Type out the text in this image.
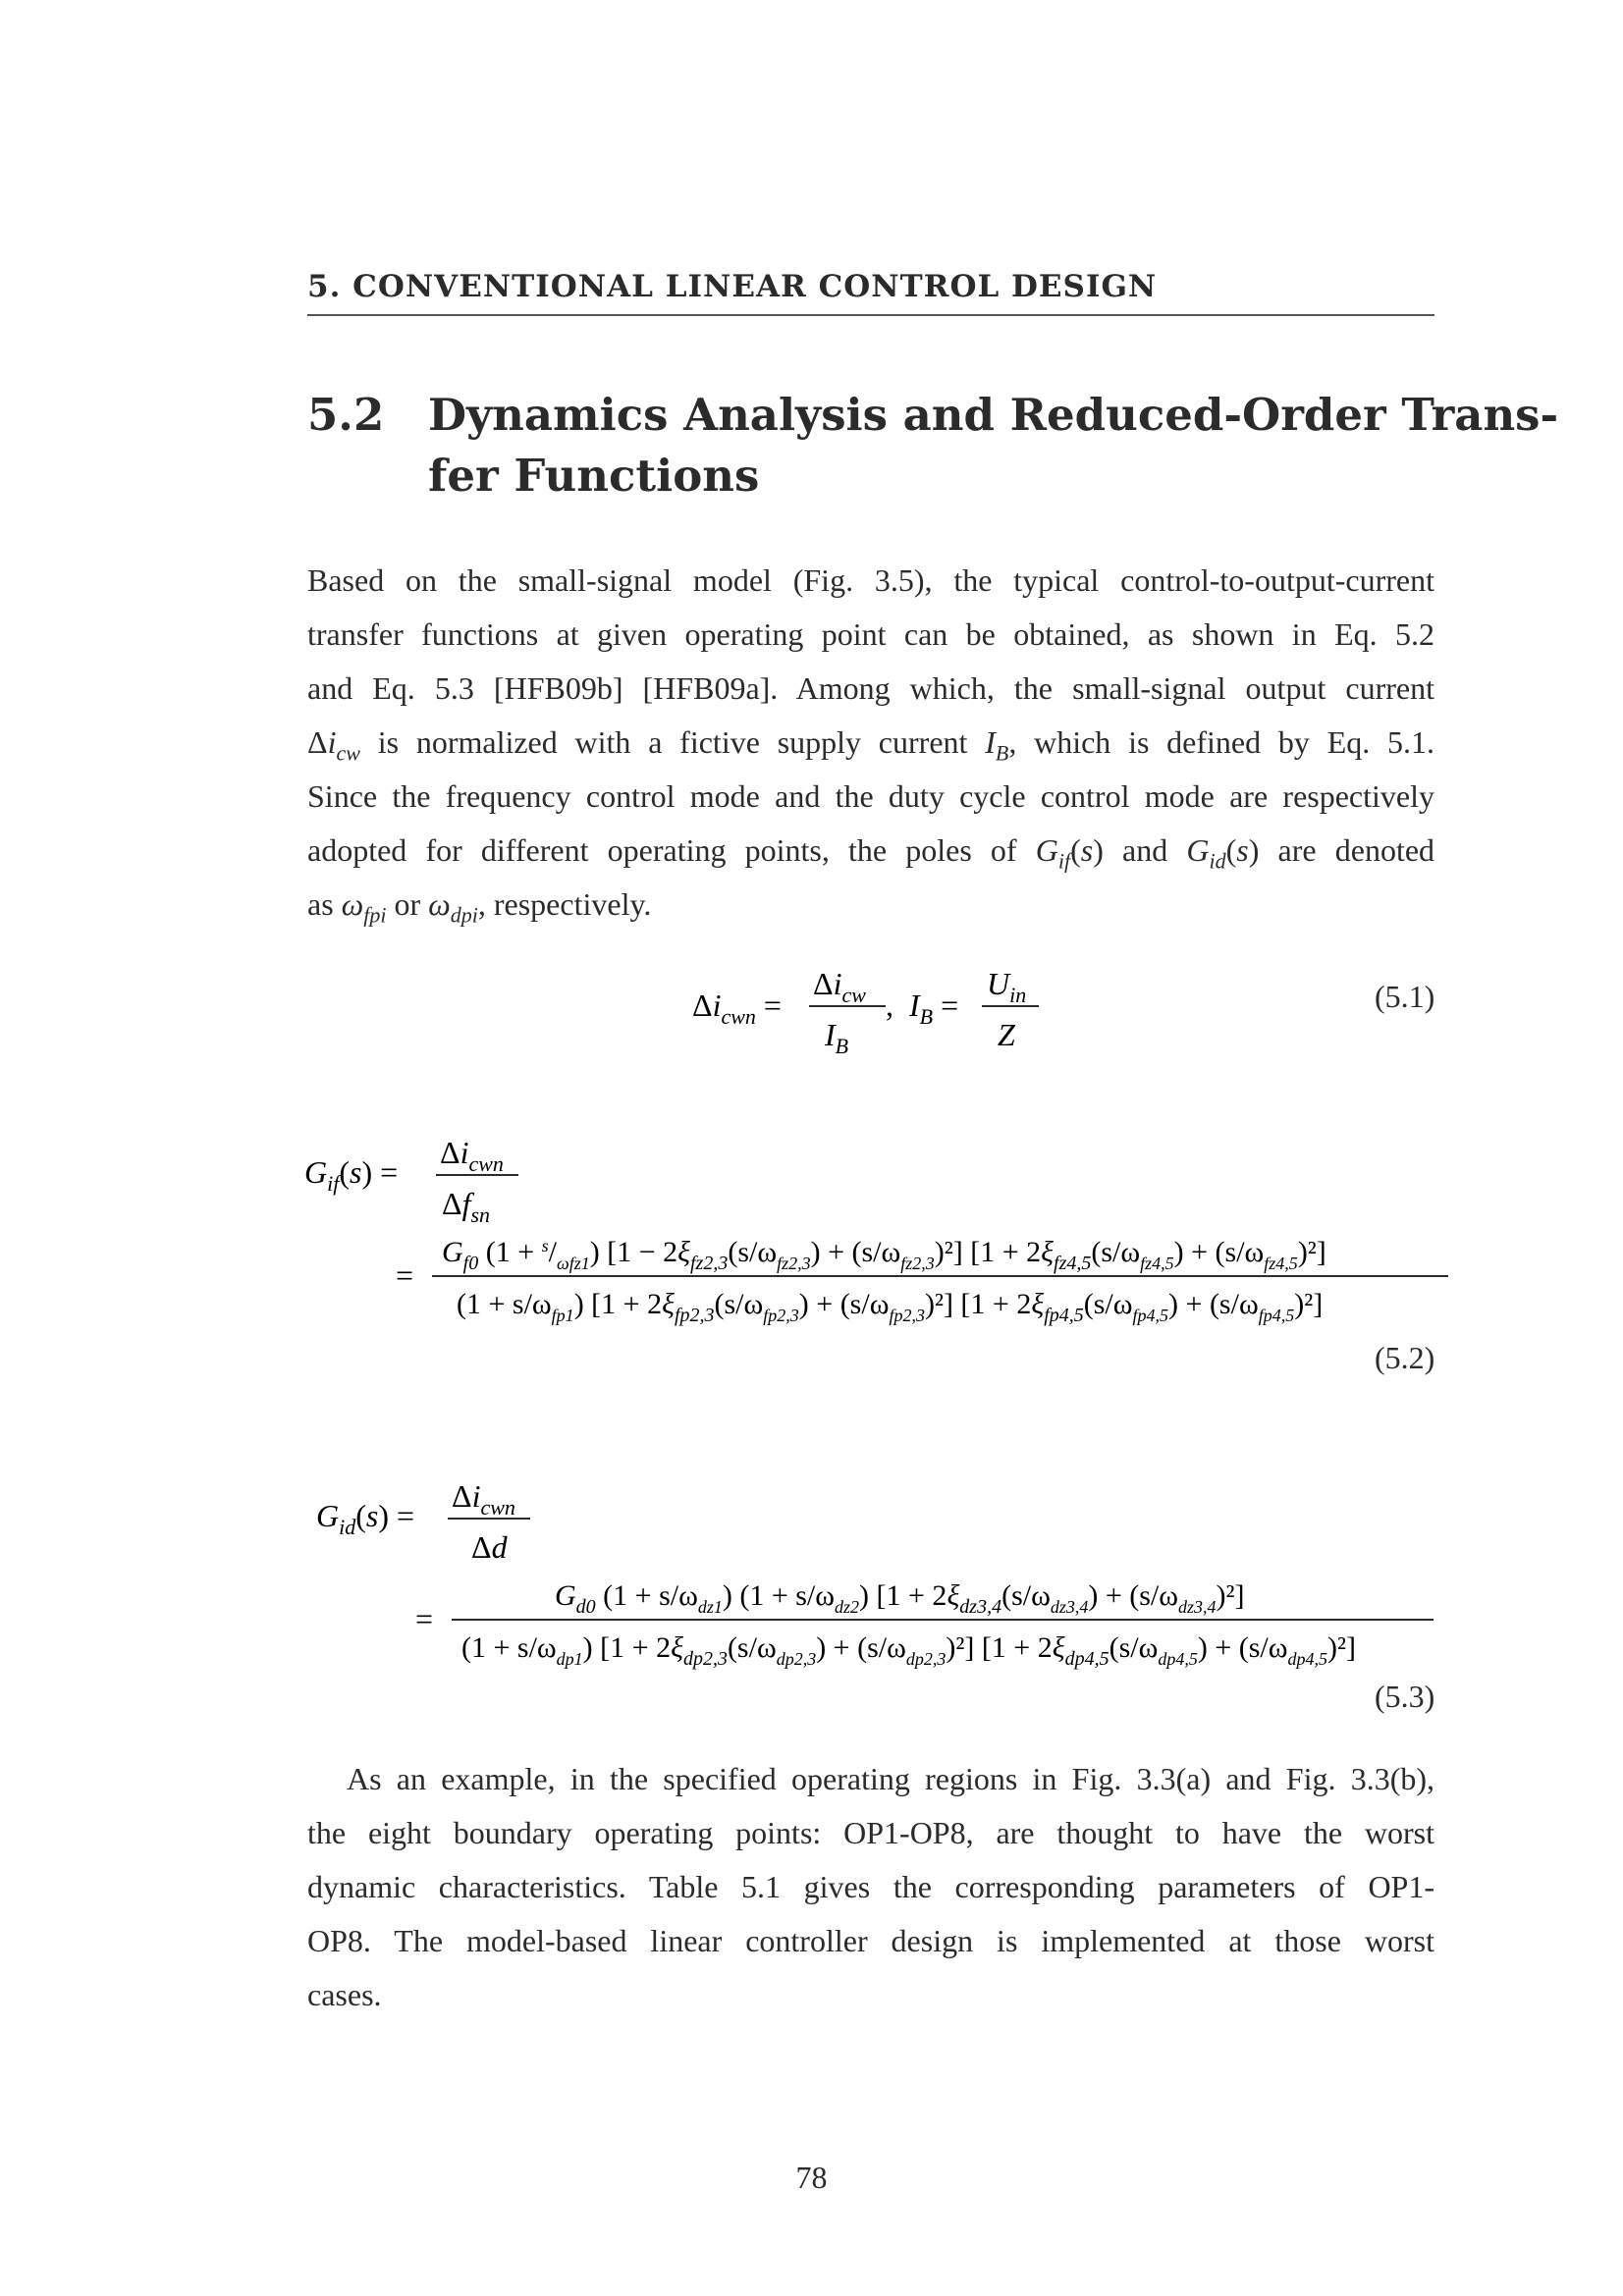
5. CONVENTIONAL LINEAR CONTROL DESIGN
5.2 Dynamics Analysis and Reduced-Order Trans-
fer Functions
Based on the small-signal model (Fig. 3.5), the typical control-to-output-current
transfer functions at given operating point can be obtained, as shown in Eq. 5.2
and Eq. 5.3 [HFB09b] [HFB09a]. Among which, the small-signal output current
$\Delta i_{cw}$ is normalized with a fictive supply current $I_B$, which is defined by Eq. 5.1.
Since the frequency control mode and the duty cycle control mode are respectively
adopted for different operating points, the poles of $G_{if}(s)$ and $G_{id}(s)$ are denoted
as $\omega_{fpi}$ or $\omega_{dpi}$, respectively.
$\Delta i_{cwn}$ =
$\Delta i_{cw}$
$I_B$
, $I_B$ =
$U_{in}$
Z
(5.1)
$G_{if}(s)$ =
$\Delta i_{cwn}$
$\Delta f_{sn}$
=
$G_{f0}$ $(1 + ^s/_{\omega fz1})$ $[1 - 2\xi_{fz2,3}(s/\omega_{fz2,3}) + (s/\omega_{fz2,3})^2]$ $[1 + 2\xi_{fz4,5}(s/\omega_{fz4,5}) + (s/\omega_{fz4,5})^2]$
$(1 + s/\omega_{fp1})$ $[1 + 2\xi_{fp2,3}(s/\omega_{fp2,3}) + (s/\omega_{fp2,3})^2]$ $[1 + 2\xi_{fp4,5}(s/\omega_{fp4,5}) + (s/\omega_{fp4,5})^2]$
(5.2)
$G_{id}(s)$ =
$\Delta i_{cwn}$
Δd
=
$G_{d0}$ $(1 + s/\omega_{dz1})$ $(1 + s/\omega_{dz2})$ $[1 + 2\xi_{dz3,4}(s/\omega_{dz3,4}) + (s/\omega_{dz3,4})^2]$
$(1 + s/\omega_{dp1})$ $[1 + 2\xi_{dp2,3}(s/\omega_{dp2,3}) + (s/\omega_{dp2,3})^2]$ $[1 + 2\xi_{dp4,5}(s/\omega_{dp4,5}) + (s/\omega_{dp4,5})^2]$
(5.3)
As an example, in the specified operating regions in Fig. 3.3(a) and Fig. 3.3(b),
the eight boundary operating points: OP1-OP8, are thought to have the worst
dynamic characteristics. Table 5.1 gives the corresponding parameters of OP1-
OP8. The model-based linear controller design is implemented at those worst
cases.
78
